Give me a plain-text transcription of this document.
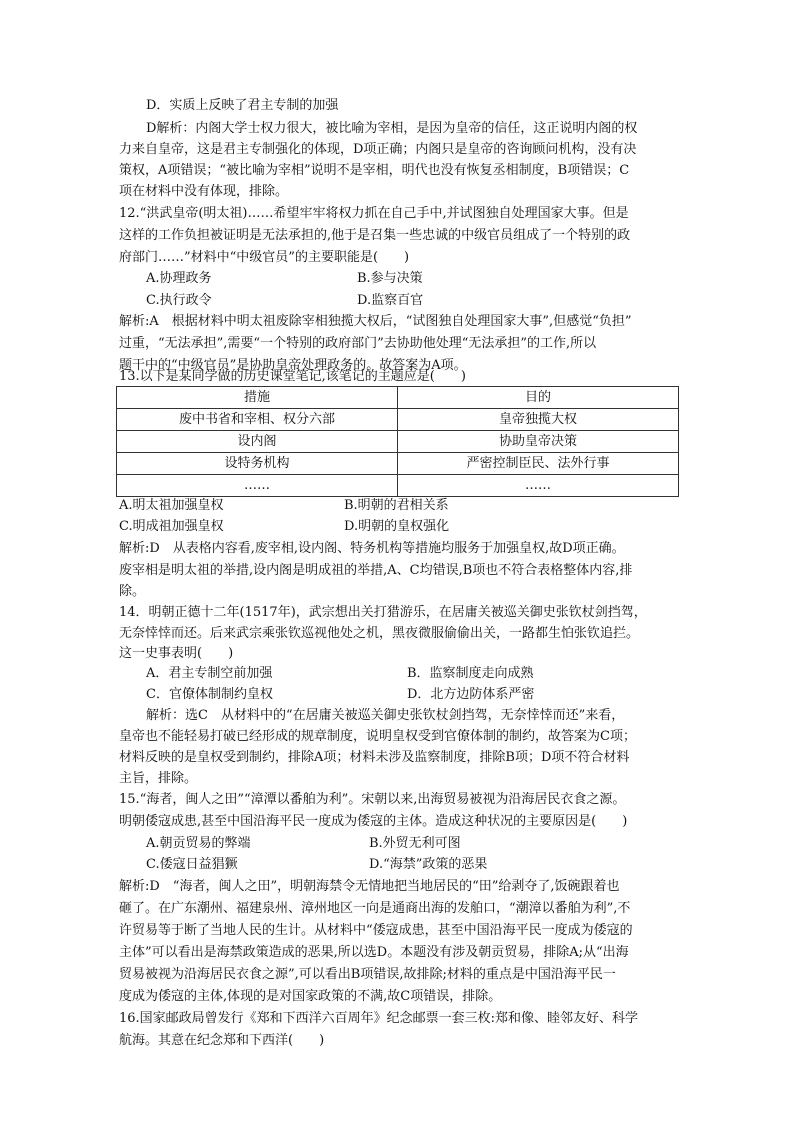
D．实质上反映了君主专制的加强
D解析：内阁大学士权力很大，被比喻为宰相，是因为皇帝的信任，这正说明内阁的权
力来自皇帝，这是君主专制强化的体现，D项正确；内阁只是皇帝的咨询顾问机构，没有决
策权，A项错误；“被比喻为宰相”说明不是宰相，明代也没有恢复丞相制度，B项错误；C
项在材料中没有体现，排除。
12.“洪武皇帝(明太祖)……希望牢牢将权力抓在自己手中,并试图独自处理国家大事。但是
这样的工作负担被证明是无法承担的,他于是召集一些忠诚的中级官员组成了一个特别的政
府部门……”材料中“中级官员”的主要职能是(　　)
A.协理政务	B.参与决策
C.执行政令	D.监察百官
解析:A　根据材料中明太祖废除宰相独揽大权后，“试图独自处理国家大事”,但感觉“负担”
过重，“无法承担”,需要“一个特别的政府部门”去协助他处理“无法承担”的工作,所以
题干中的“中级官员”是协助皇帝处理政务的。故答案为A项。
13.以下是某同学做的历史课堂笔记,该笔记的主题应是(　　)
措施	目的
废中书省和宰相、权分六部	皇帝独揽大权
设内阁	协助皇帝决策
设特务机构	严密控制臣民、法外行事
……	……
A.明太祖加强皇权	B.明朝的君相关系
C.明成祖加强皇权	D.明朝的皇权强化
解析:D　从表格内容看,废宰相,设内阁、特务机构等措施均服务于加强皇权,故D项正确。
废宰相是明太祖的举措,设内阁是明成祖的举措,A、C均错误,B项也不符合表格整体内容,排
除。
14．明朝正德十二年(1517年)，武宗想出关打猎游乐，在居庸关被巡关御史张钦杖剑挡驾，
无奈悻悻而还。后来武宗乘张钦巡视他处之机，黑夜微服偷偷出关，一路都生怕张钦追拦。
这一史事表明(　　)
A．君主专制空前加强	B．监察制度走向成熟
C．官僚体制制约皇权	D．北方边防体系严密
解析：选C　从材料中的“在居庸关被巡关御史张钦杖剑挡驾，无奈悻悻而还”来看，
皇帝也不能轻易打破已经形成的规章制度，说明皇权受到官僚体制的制约，故答案为C项；
材料反映的是皇权受到制约，排除A项；材料未涉及监察制度，排除B项；D项不符合材料
主旨，排除。
15.“海者，闽人之田”“漳潭以番舶为利”。宋朝以来,出海贸易被视为沿海居民衣食之源。
明朝倭寇成患,甚至中国沿海平民一度成为倭寇的主体。造成这种状况的主要原因是(　　)
A.朝贡贸易的弊端	B.外贸无利可图
C.倭寇日益猖獗	D.“海禁”政策的恶果
解析:D　“海者，闽人之田”，明朝海禁令无情地把当地居民的“田”给剥夺了,饭碗跟着也
砸了。在广东潮州、福建泉州、漳州地区一向是通商出海的发舶口，“潮漳以番舶为利”,不
许贸易等于断了当地人民的生计。从材料中“倭寇成患，甚至中国沿海平民一度成为倭寇的
主体”可以看出是海禁政策造成的恶果,所以选D。本题没有涉及朝贡贸易，排除A;从“出海
贸易被视为沿海居民衣食之源”,可以看出B项错误,故排除;材料的重点是中国沿海平民一
度成为倭寇的主体,体现的是对国家政策的不满,故C项错误，排除。
16.国家邮政局曾发行《郑和下西洋六百周年》纪念邮票一套三枚:郑和像、睦邻友好、科学
航海。其意在纪念郑和下西洋(　　)
